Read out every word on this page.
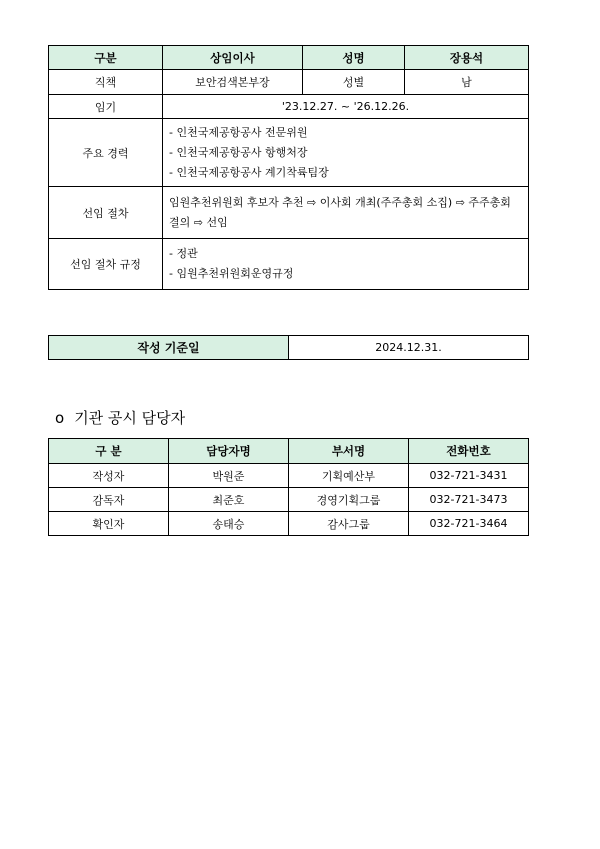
구분	상임이사	성명	장용석
직책	보안검색본부장	성별	남
임기	'23.12.27. ~ '26.12.26.		
주요 경력	- 인천국제공항공사 전문위원
- 인천국제공항공사 항행처장
- 인천국제공항공사 계기착륙팀장		

선임 절차	임원추천위원회 후보자 추천 ⇨ 이사회 개최(주주총회 소집) ⇨ 주주총회 결의 ⇨ 선임		
선임 절차 규정	- 정관
- 임원추천위원회운영규정		
작성 기준일	2024.12.31.
o 기관 공시 담당자
구 분	담당자명	부서명	전화번호
작성자	박원준	기획예산부	032-721-3431
감독자	최준호	경영기획그룹	032-721-3473
확인자	송태승	감사그룹	032-721-3464
